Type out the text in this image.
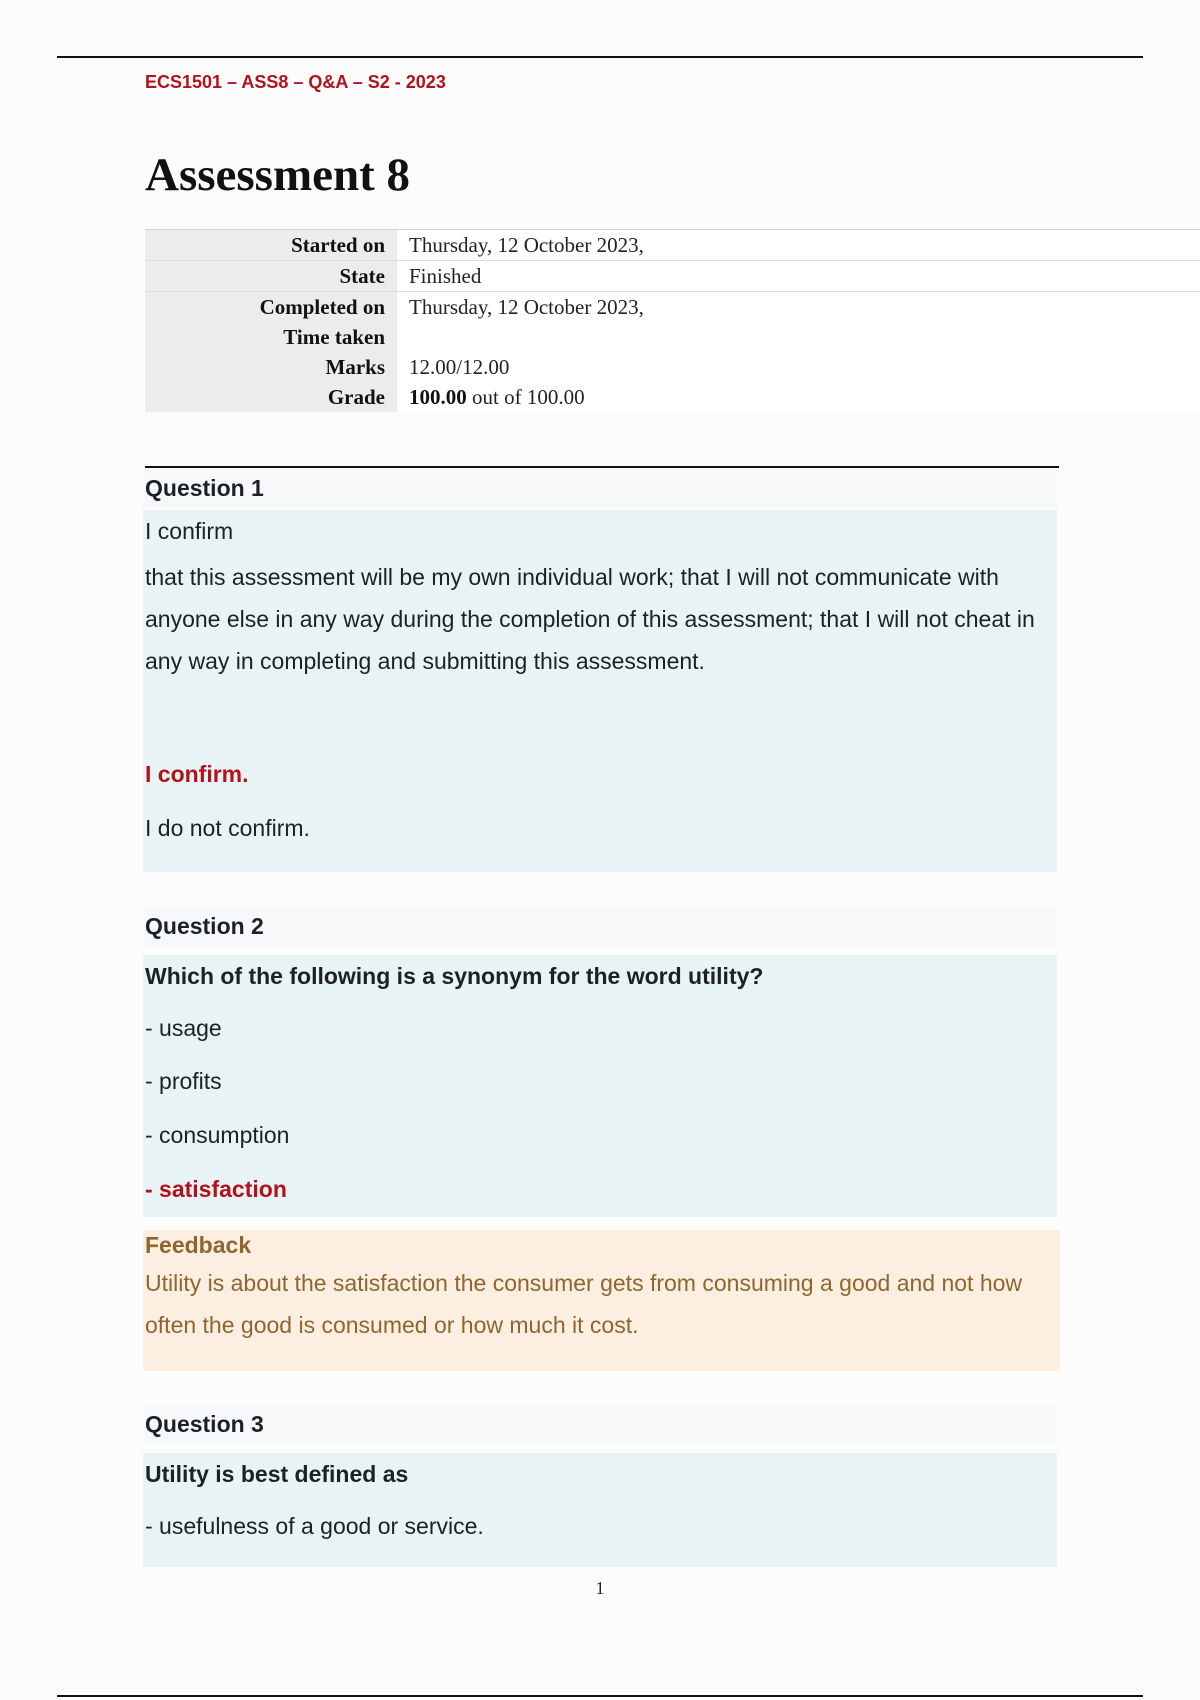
ECS1501 – ASS8 – Q&A – S2 - 2023
Assessment 8
Started on	Thursday, 12 October 2023,
State	Finished
Completed on	Thursday, 12 October 2023,
Time taken	
Marks	12.00/12.00
Grade	100.00 out of 100.00
Question 1
I confirm
that this assessment will be my own individual work; that I will not communicate with anyone else in any way during the completion of this assessment; that I will not cheat in any way in completing and submitting this assessment.
I confirm.
I do not confirm.
Question 2
Which of the following is a synonym for the word utility?
- usage
- profits
- consumption
- satisfaction
Feedback
Utility is about the satisfaction the consumer gets from consuming a good and not how often the good is consumed or how much it cost.
Question 3
Utility is best defined as
- usefulness of a good or service.
1
